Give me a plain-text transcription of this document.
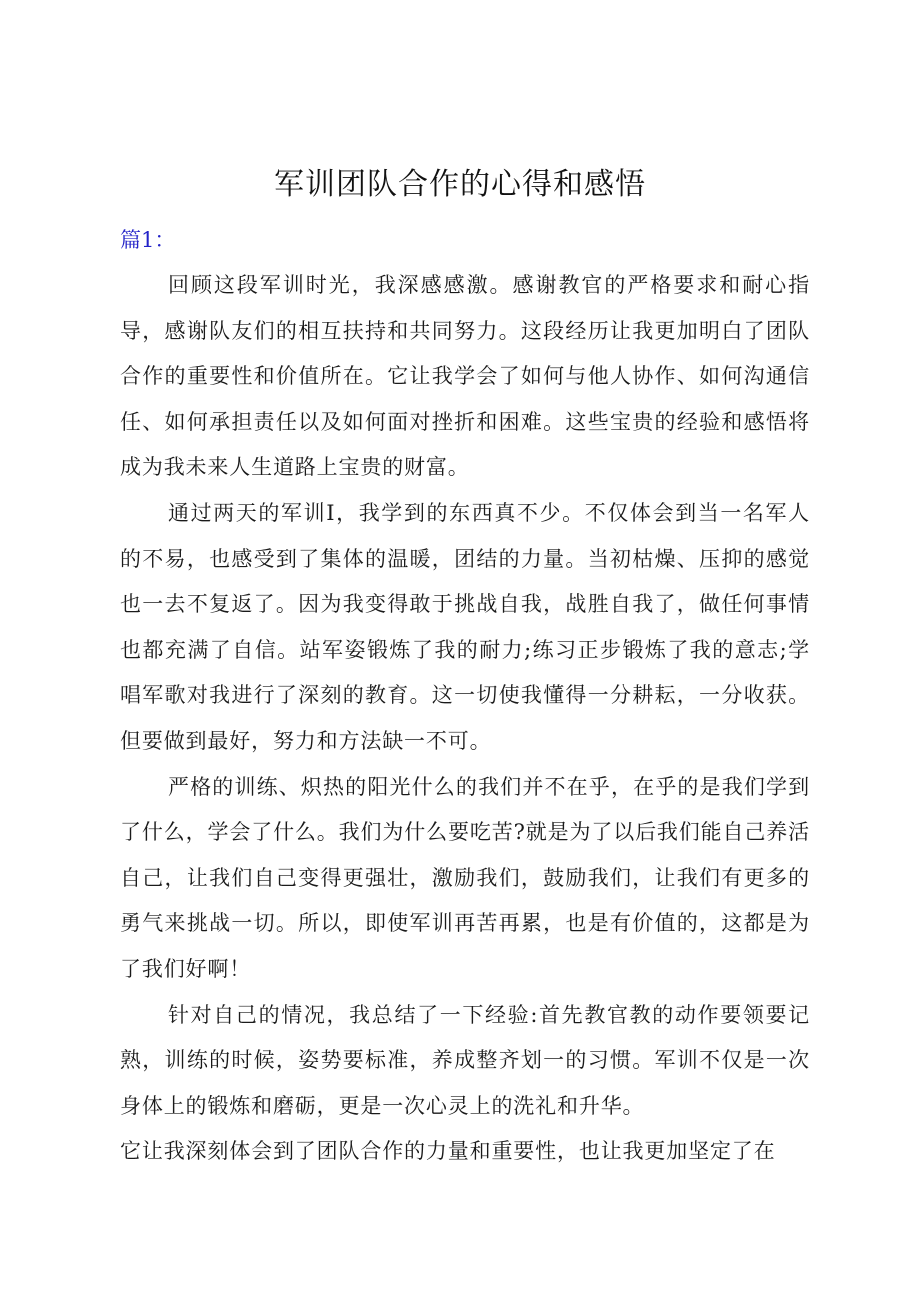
军训团队合作的心得和感悟

篇1：

回顾这段军训时光，我深感感激。感谢教官的严格要求和耐心指导，感谢队友们的相互扶持和共同努力。这段经历让我更加明白了团队合作的重要性和价值所在。它让我学会了如何与他人协作、如何沟通信任、如何承担责任以及如何面对挫折和困难。这些宝贵的经验和感悟将成为我未来人生道路上宝贵的财富。

通过两天的军训I，我学到的东西真不少。不仅体会到当一名军人的不易，也感受到了集体的温暖，团结的力量。当初枯燥、压抑的感觉也一去不复返了。因为我变得敢于挑战自我，战胜自我了，做任何事情也都充满了自信。站军姿锻炼了我的耐力;练习正步锻炼了我的意志;学唱军歌对我进行了深刻的教育。这一切使我懂得一分耕耘，一分收获。但要做到最好，努力和方法缺一不可。

严格的训练、炽热的阳光什么的我们并不在乎，在乎的是我们学到了什么，学会了什么。我们为什么要吃苦?就是为了以后我们能自己养活自己，让我们自己变得更强壮，激励我们，鼓励我们，让我们有更多的勇气来挑战一切。所以，即使军训再苦再累，也是有价值的，这都是为了我们好啊！

针对自己的情况，我总结了一下经验:首先教官教的动作要领要记熟，训练的时候，姿势要标准，养成整齐划一的习惯。军训不仅是一次身体上的锻炼和磨砺，更是一次心灵上的洗礼和升华。

它让我深刻体会到了团队合作的力量和重要性，也让我更加坚定了在
